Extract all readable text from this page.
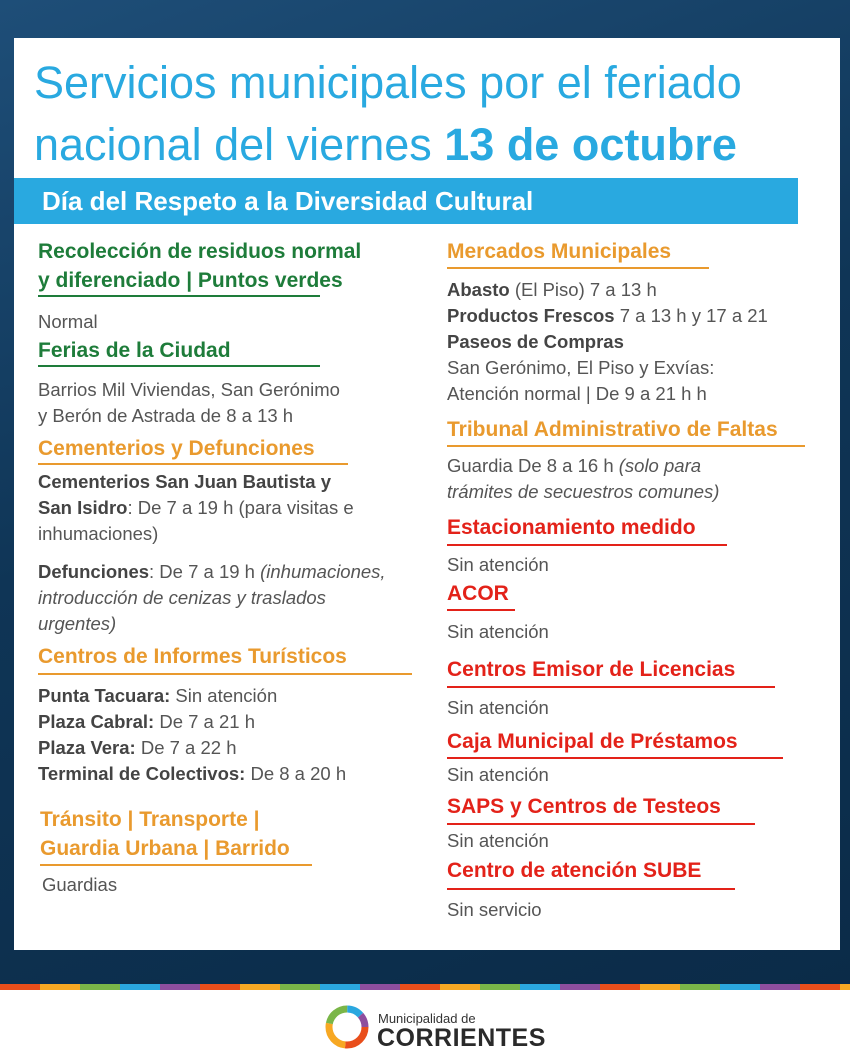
Servicios municipales por el feriado
nacional del viernes 13 de octubre
Día del Respeto a la Diversidad Cultural
Recolección de residuos normal
y diferenciado | Puntos verdes
Normal
Ferias de la Ciudad
Barrios Mil Viviendas, San Gerónimo
y Berón de Astrada de 8 a 13 h
Cementerios y Defunciones
Cementerios San Juan Bautista y
San Isidro: De 7 a 19 h (para visitas e
inhumaciones)
Defunciones: De 7 a 19 h (inhumaciones,
introducción de cenizas y traslados
urgentes)
Centros de Informes Turísticos
Punta Tacuara: Sin atención
Plaza Cabral: De 7 a 21 h
Plaza Vera: De 7 a 22 h
Terminal de Colectivos: De 8 a 20 h
Tránsito | Transporte |
Guardia Urbana | Barrido
Guardias
Mercados Municipales
Abasto (El Piso) 7 a 13 h
Productos Frescos 7 a 13 h y 17 a 21
Paseos de Compras
San Gerónimo, El Piso y Exvías:
Atención normal | De 9 a 21 h h
Tribunal Administrativo de Faltas
Guardia De 8 a 16 h (solo para
trámites de secuestros comunes)
Estacionamiento medido
Sin atención
ACOR
Sin atención
Centros Emisor de Licencias
Sin atención
Caja Municipal de Préstamos
Sin atención
SAPS y Centros de Testeos
Sin atención
Centro de atención SUBE
Sin servicio
Municipalidad de
CORRIENTES
